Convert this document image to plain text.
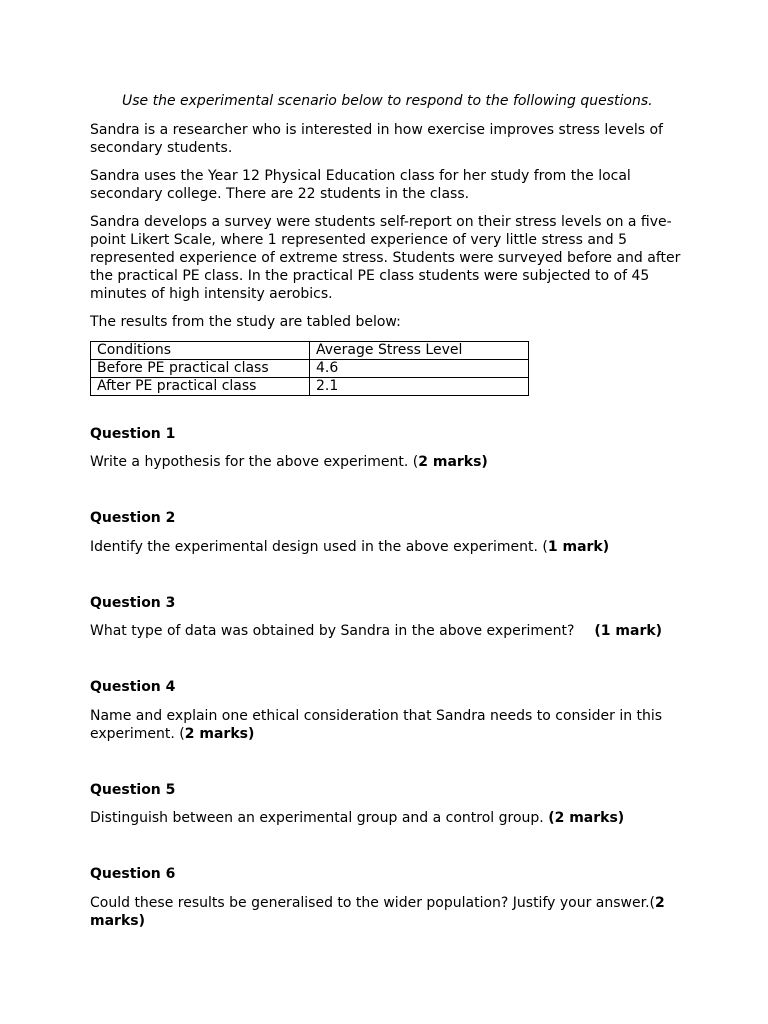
Use the experimental scenario below to respond to the following questions.

Sandra is a researcher who is interested in how exercise improves stress levels of secondary students.

Sandra uses the Year 12 Physical Education class for her study from the local secondary college. There are 22 students in the class.

Sandra develops a survey were students self-report on their stress levels on a five-point Likert Scale, where 1 represented experience of very little stress and 5 represented experience of extreme stress. Students were surveyed before and after the practical PE class. In the practical PE class students were subjected to of 45 minutes of high intensity aerobics.

The results from the study are tabled below:

Conditions	Average Stress Level
Before PE practical class	4.6
After PE practical class	2.1
Question 1

Write a hypothesis for the above experiment. (2 marks)

Question 2

Identify the experimental design used in the above experiment. (1 mark)

Question 3

What type of data was obtained by Sandra in the above experiment? (1 mark)

Question 4

Name and explain one ethical consideration that Sandra needs to consider in this experiment. (2 marks)

Question 5

Distinguish between an experimental group and a control group. (2 marks)

Question 6

Could these results be generalised to the wider population? Justify your answer.(2 marks)
